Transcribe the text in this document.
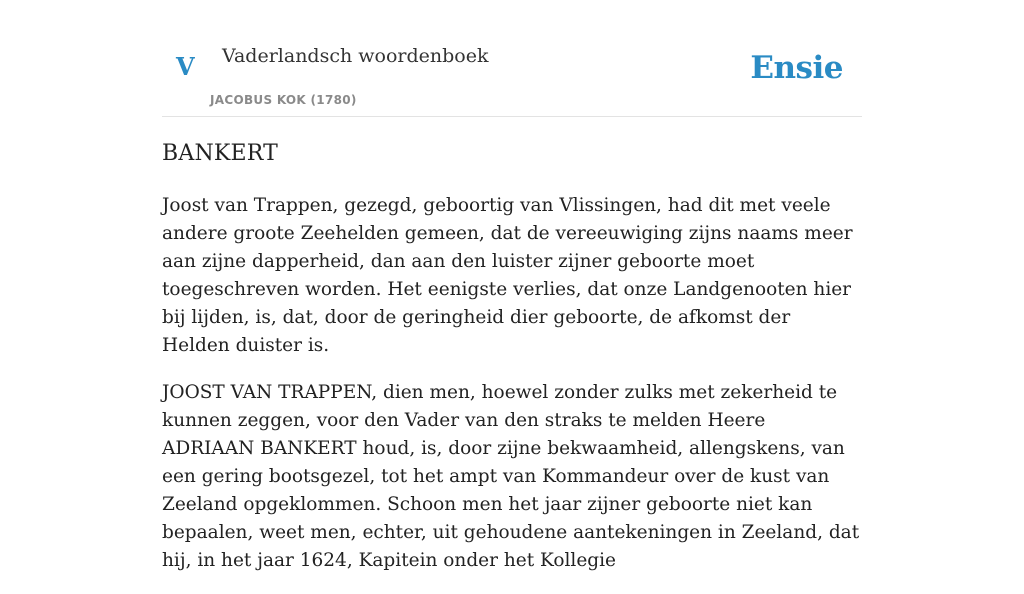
V Vaderlandsch woordenboek
JACOBUS KOK (1780)
Ensie
BANKERT

Joost van Trappen, gezegd, geboortig van Vlissingen, had dit met veele andere groote Zeehelden gemeen, dat de vereeuwiging zijns naams meer aan zijne dapperheid, dan aan den luister zijner geboorte moet toegeschreven worden. Het eenigste verlies, dat onze Landgenooten hier bij lijden, is, dat, door de geringheid dier geboorte, de afkomst der Helden duister is.

JOOST VAN TRAPPEN, dien men, hoewel zonder zulks met zekerheid te kunnen zeggen, voor den Vader van den straks te melden Heere ADRIAAN BANKERT houd, is, door zijne bekwaamheid, allengskens, van een gering bootsgezel, tot het ampt van Kommandeur over de kust van Zeeland opgeklommen. Schoon men het jaar zijner geboorte niet kan bepaalen, weet men, echter, uit gehoudene aantekeningen in Zeeland, dat hij, in het jaar 1624, Kapitein onder het Kollegie
